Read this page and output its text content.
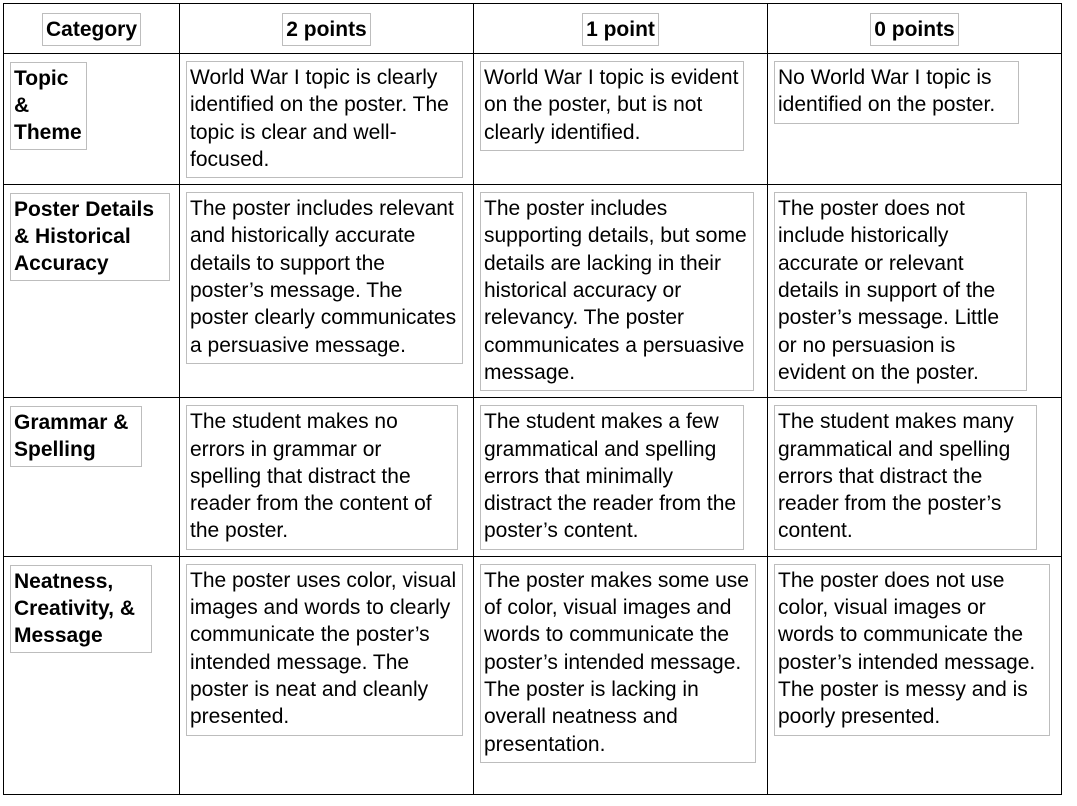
Category	2 points	1 point	0 points
Topic & Theme	World War I topic is clearly identified on the poster. The topic is clear and well-focused.	World War I topic is evident on the poster, but is not clearly identified.	No World War I topic is identified on the poster.
Poster Details & Historical Accuracy	The poster includes relevant and historically accurate details to support the poster’s message. The poster clearly communicates a persuasive message.	The poster includes supporting details, but some details are lacking in their historical accuracy or relevancy. The poster communicates a persuasive message.	The poster does not include historically accurate or relevant details in support of the poster’s message. Little or no persuasion is evident on the poster.
Grammar & Spelling	The student makes no errors in grammar or spelling that distract the reader from the content of the poster.	The student makes a few grammatical and spelling errors that minimally distract the reader from the poster’s content.	The student makes many grammatical and spelling errors that distract the reader from the poster’s content.
Neatness, Creativity, & Message	The poster uses color, visual images and words to clearly communicate the poster’s intended message. The poster is neat and cleanly presented.	The poster makes some use of color, visual images and words to communicate the poster’s intended message. The poster is lacking in overall neatness and presentation.	The poster does not use color, visual images or words to communicate the poster’s intended message. The poster is messy and is poorly presented.
